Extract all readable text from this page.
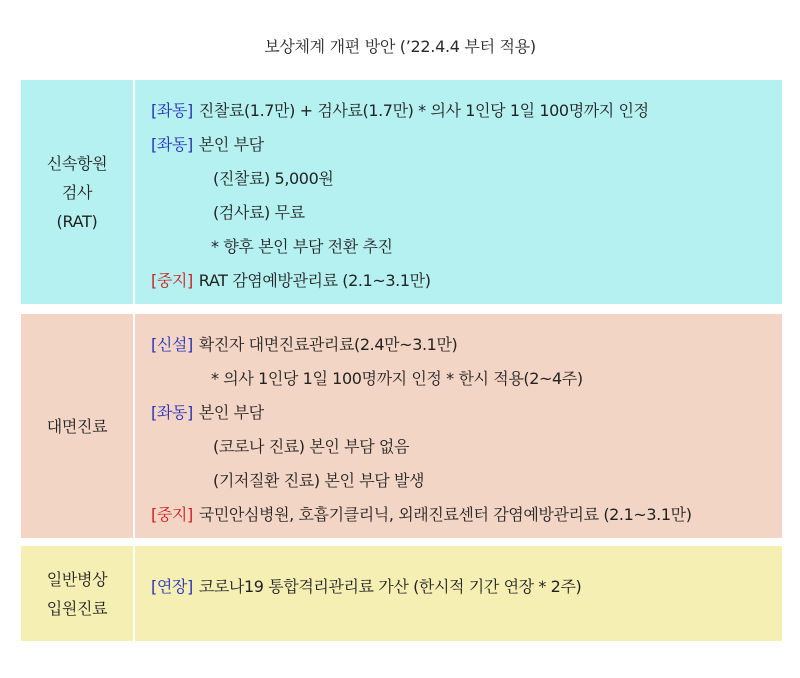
보상체계 개편 방안 (’22.4.4 부터 적용)
신속항원
검사
(RAT)
[좌동] 진찰료(1.7만) + 검사료(1.7만) * 의사 1인당 1일 100명까지 인정
[좌동] 본인 부담
(진찰료) 5,000원
(검사료) 무료
* 향후 본인 부담 전환 추진
[중지] RAT 감염예방관리료 (2.1~3.1만)
대면진료
[신설] 확진자 대면진료관리료(2.4만~3.1만)
* 의사 1인당 1일 100명까지 인정 * 한시 적용(2~4주)
[좌동] 본인 부담
(코로나 진료) 본인 부담 없음
(기저질환 진료) 본인 부담 발생
[중지] 국민안심병원, 호흡기클리닉, 외래진료센터 감염예방관리료 (2.1~3.1만)
일반병상
입원진료
[연장] 코로나19 통합격리관리료 가산 (한시적 기간 연장 * 2주)
